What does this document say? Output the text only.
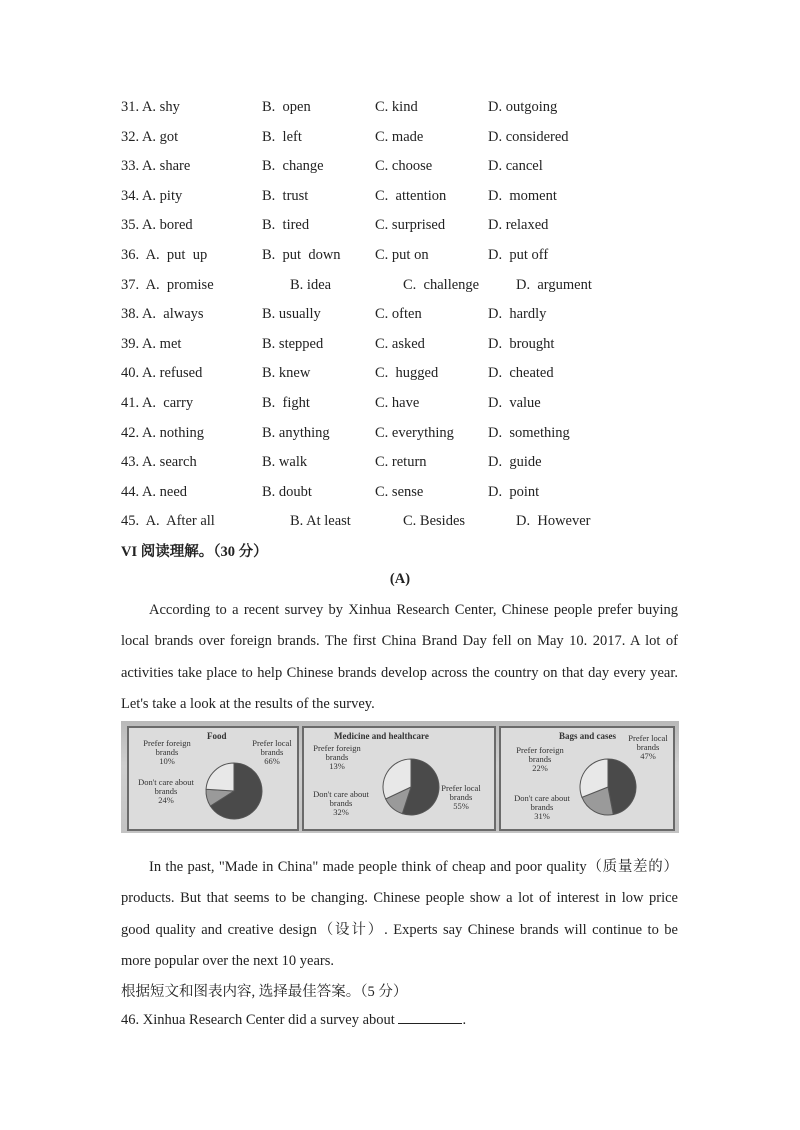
31. A. shy	B.  open	C. kind	D. outgoing
32. A. got	B.  left	C. made	D. considered
33. A. share	B.  change	C. choose	D. cancel
34. A. pity	B.  trust	C.  attention	D.  moment
35. A. bored	B.  tired	C. surprised	D. relaxed
36.  A.  put  up	B.  put  down C. put on	D.  put off
37.  A.  promise	B. idea	C.  challenge	D.  argument
38. A.  always	B. usually	C. often	D.  hardly
39. A. met	B. stepped	C. asked	D.  brought
40. A. refused	B. knew	C.  hugged	D.  cheated
41. A.  carry	B.  fight	C. have	D.  value
42. A. nothing	B. anything	C. everything D.  something
43. A. search	B. walk	C. return	D.  guide
44. A. need	B. doubt	C. sense	D.  point
45.  A.  After all	B. At least	C. Besides	D.  However
VI 阅读理解。（30 分）
(A)
According to a recent survey by Xinhua Research Center, Chinese people prefer buying local brands over foreign brands. The first China Brand Day fell on May 10. 2017. A lot of activities take place to help Chinese brands develop across the country on that day every year. Let's take a look at the results of the survey.
Food
Prefer foreign
brands
10%
Prefer local
brands
66%
Don't care about
brands
24%
Medicine and healthcare
Prefer foreign
brands
13%
Prefer local
brands
55%
Don't care about
brands
32%
Bags and cases
Prefer foreign
brands
22%
Prefer local
brands
47%
Don't care about
brands
31%
In the past, "Made in China" made people think of cheap and poor quality（质量差的）products. But that seems to be changing. Chinese people show a lot of interest in low price good quality and creative design（设计）. Experts say Chinese brands will continue to be more popular over the next 10 years.
根据短文和图表内容, 选择最佳答案。（5 分）
46. Xinhua Research Center did a survey about	.
